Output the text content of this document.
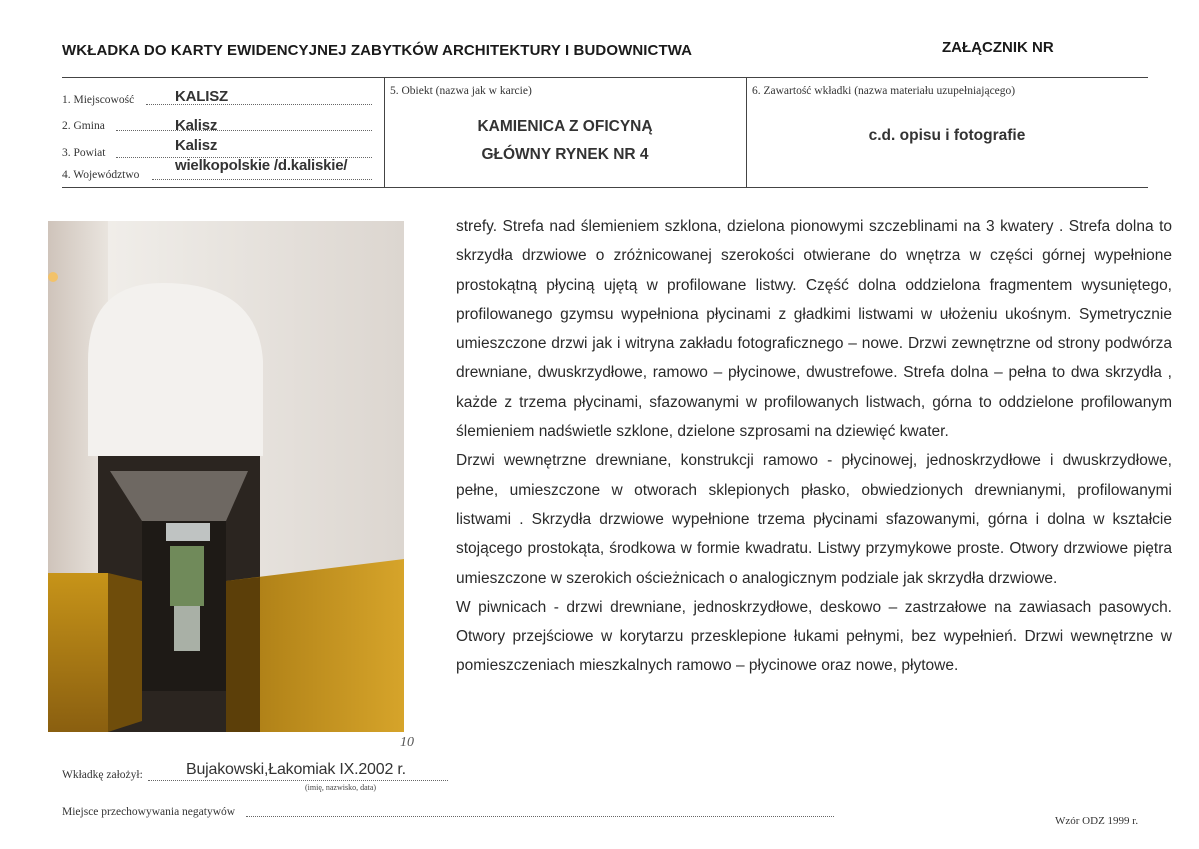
WKŁADKA DO KARTY EWIDENCYJNEJ ZABYTKÓW ARCHITEKTURY I BUDOWNICTWA	ZAŁĄCZNIK NR
1. Miejscowość	KALISZ
2. Gmina	Kalisz
3. Powiat	Kalisz
4. Województwo
wielkopolskie /d.kaliskie/
5. Obiekt (nazwa jak w karcie)
KAMIENICA Z OFICYNĄ
GŁÓWNY RYNEK NR 4
6. Zawartość wkładki (nazwa materiału uzupełniającego)
c.d. opisu i fotografie
10

strefy. Strefa nad ślemieniem szklona, dzielona pionowymi szczeblinami na 3 kwatery . Strefa dolna to skrzydła drzwiowe o zróżnicowanej szerokości otwierane do wnętrza w części górnej wypełnione prostokątną płyciną ujętą w profilowane listwy. Część dolna oddzielona fragmentem wysuniętego, profilowanego gzymsu wypełniona płycinami z gładkimi listwami w ułożeniu ukośnym. Symetrycznie umieszczone drzwi jak i witryna zakładu fotograficznego – nowe. Drzwi zewnętrzne od strony podwórza drewniane, dwuskrzydłowe, ramowo – płycinowe, dwustrefowe. Strefa dolna – pełna to dwa skrzydła , każde z trzema płycinami, sfazowanymi w profilowanych listwach, górna to oddzielone profilowanym ślemieniem nadświetle szklone, dzielone szprosami na dziewięć kwater.

Drzwi wewnętrzne drewniane, konstrukcji ramowo - płycinowej, jednoskrzydłowe i dwuskrzydłowe, pełne, umieszczone w otworach sklepionych płasko, obwiedzionych drewnianymi, profilowanymi listwami . Skrzydła drzwiowe wypełnione trzema płycinami sfazowanymi, górna i dolna w kształcie stojącego prostokąta, środkowa w formie kwadratu. Listwy przymykowe proste. Otwory drzwiowe piętra umieszczone w szerokich ościeżnicach o analogicznym podziale jak skrzydła drzwiowe.

W piwnicach - drzwi drewniane, jednoskrzydłowe, deskowo – zastrzałowe na zawiasach pasowych. Otwory przejściowe w korytarzu przesklepione łukami pełnymi, bez wypełnień. Drzwi wewnętrzne w pomieszczeniach mieszkalnych ramowo – płycinowe oraz nowe, płytowe.

Wkładkę założył:	Bujakowski,Łakomiak IX.2002 r.
(imię, nazwisko, data)
Miejsce przechowywania negatywów
Wzór ODZ 1999 r.
